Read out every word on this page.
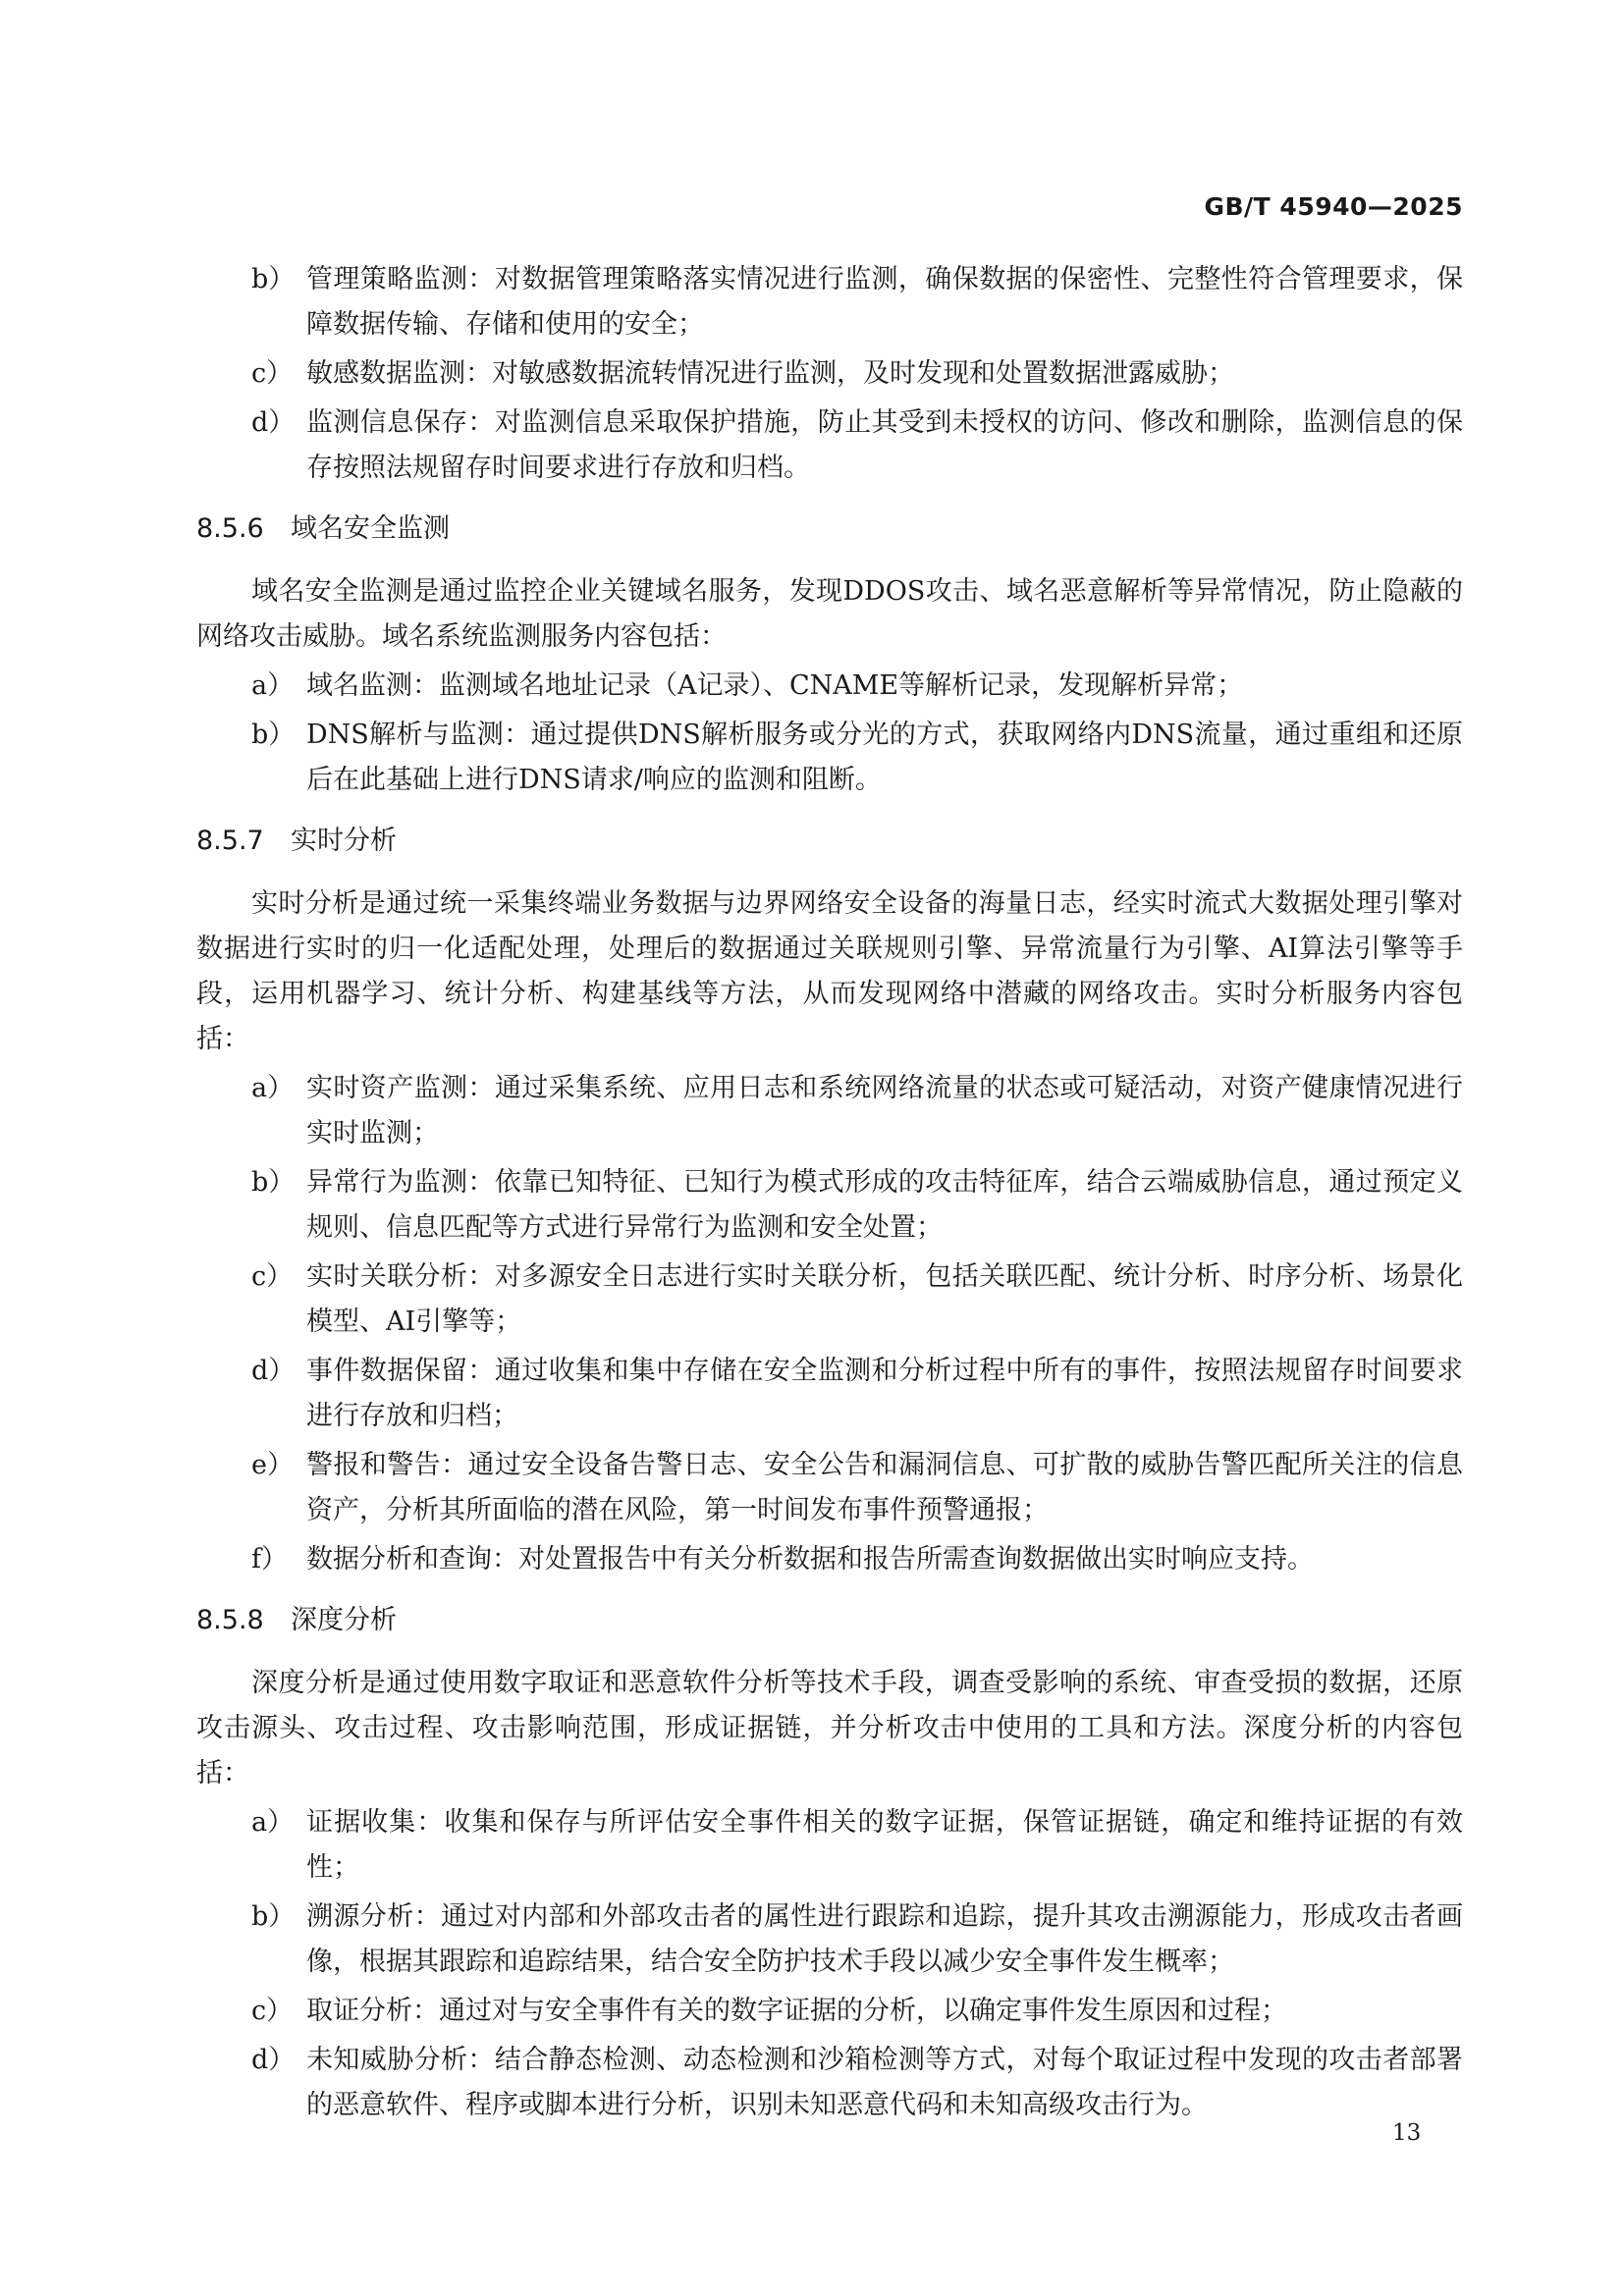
GB/T 45940—2025
b） 管理策略监测：对数据管理策略落实情况进行监测，确保数据的保密性、完整性符合管理要求，保障数据传输、存储和使用的安全；
c） 敏感数据监测：对敏感数据流转情况进行监测，及时发现和处置数据泄露威胁；
d） 监测信息保存：对监测信息采取保护措施，防止其受到未授权的访问、修改和删除，监测信息的保存按照法规留存时间要求进行存放和归档。
8.5.6 域名安全监测
域名安全监测是通过监控企业关键域名服务，发现DDOS攻击、域名恶意解析等异常情况，防止隐蔽的网络攻击威胁。域名系统监测服务内容包括：
a） 域名监测：监测域名地址记录（A记录）、CNAME等解析记录，发现解析异常；
b） DNS解析与监测：通过提供DNS解析服务或分光的方式，获取网络内DNS流量，通过重组和还原后在此基础上进行DNS请求/响应的监测和阻断。
8.5.7 实时分析
实时分析是通过统一采集终端业务数据与边界网络安全设备的海量日志，经实时流式大数据处理引擎对数据进行实时的归一化适配处理，处理后的数据通过关联规则引擎、异常流量行为引擎、AI算法引擎等手段，运用机器学习、统计分析、构建基线等方法，从而发现网络中潜藏的网络攻击。实时分析服务内容包括：
a） 实时资产监测：通过采集系统、应用日志和系统网络流量的状态或可疑活动，对资产健康情况进行实时监测；
b） 异常行为监测：依靠已知特征、已知行为模式形成的攻击特征库，结合云端威胁信息，通过预定义规则、信息匹配等方式进行异常行为监测和安全处置；
c） 实时关联分析：对多源安全日志进行实时关联分析，包括关联匹配、统计分析、时序分析、场景化模型、AI引擎等；
d） 事件数据保留：通过收集和集中存储在安全监测和分析过程中所有的事件，按照法规留存时间要求进行存放和归档；
e） 警报和警告：通过安全设备告警日志、安全公告和漏洞信息、可扩散的威胁告警匹配所关注的信息资产，分析其所面临的潜在风险，第一时间发布事件预警通报；
f） 数据分析和查询：对处置报告中有关分析数据和报告所需查询数据做出实时响应支持。
8.5.8 深度分析
深度分析是通过使用数字取证和恶意软件分析等技术手段，调查受影响的系统、审查受损的数据，还原攻击源头、攻击过程、攻击影响范围，形成证据链，并分析攻击中使用的工具和方法。深度分析的内容包括：
a） 证据收集：收集和保存与所评估安全事件相关的数字证据，保管证据链，确定和维持证据的有效性；
b） 溯源分析：通过对内部和外部攻击者的属性进行跟踪和追踪，提升其攻击溯源能力，形成攻击者画像，根据其跟踪和追踪结果，结合安全防护技术手段以减少安全事件发生概率；
c） 取证分析：通过对与安全事件有关的数字证据的分析，以确定事件发生原因和过程；
d） 未知威胁分析：结合静态检测、动态检测和沙箱检测等方式，对每个取证过程中发现的攻击者部署的恶意软件、程序或脚本进行分析，识别未知恶意代码和未知高级攻击行为。
13
